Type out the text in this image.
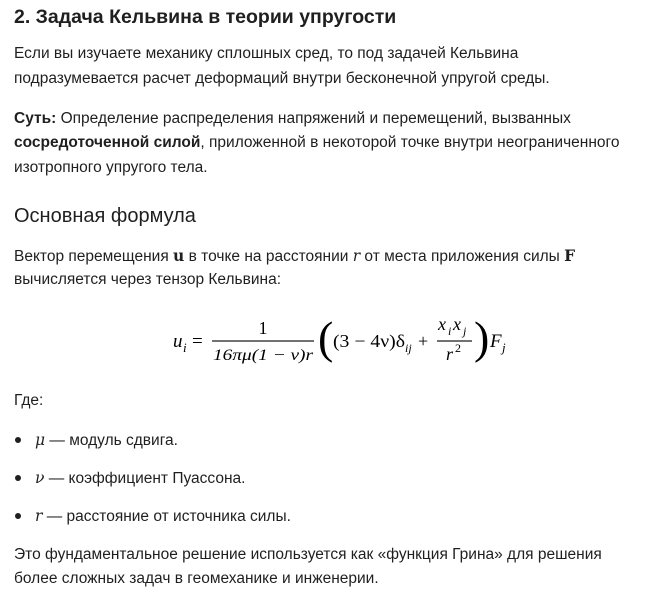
2. Задача Кельвина в теории упругости
Если вы изучаете механику сплошных сред, то под задачей Кельвина
подразумевается расчет деформаций внутри бесконечной упругой среды.
Суть: Определение распределения напряжений и перемещений, вызванных
сосредоточенной силой, приложенной в некоторой точке внутри неограниченного
изотропного упругого тела.
Основная формула
Вектор перемещения u в точке на расстоянии r от места приложения силы F
вычисляется через тензор Кельвина:
u i =
1
16πμ(1 − ν)r ( (3 − 4ν)δ ij +
x i x j
r 2 ) F j
Где:
μ — модуль сдвига.
ν — коэффициент Пуассона.
r — расстояние от источника силы.
Это фундаментальное решение используется как «функция Грина» для решения
более сложных задач в геомеханике и инженерии.
